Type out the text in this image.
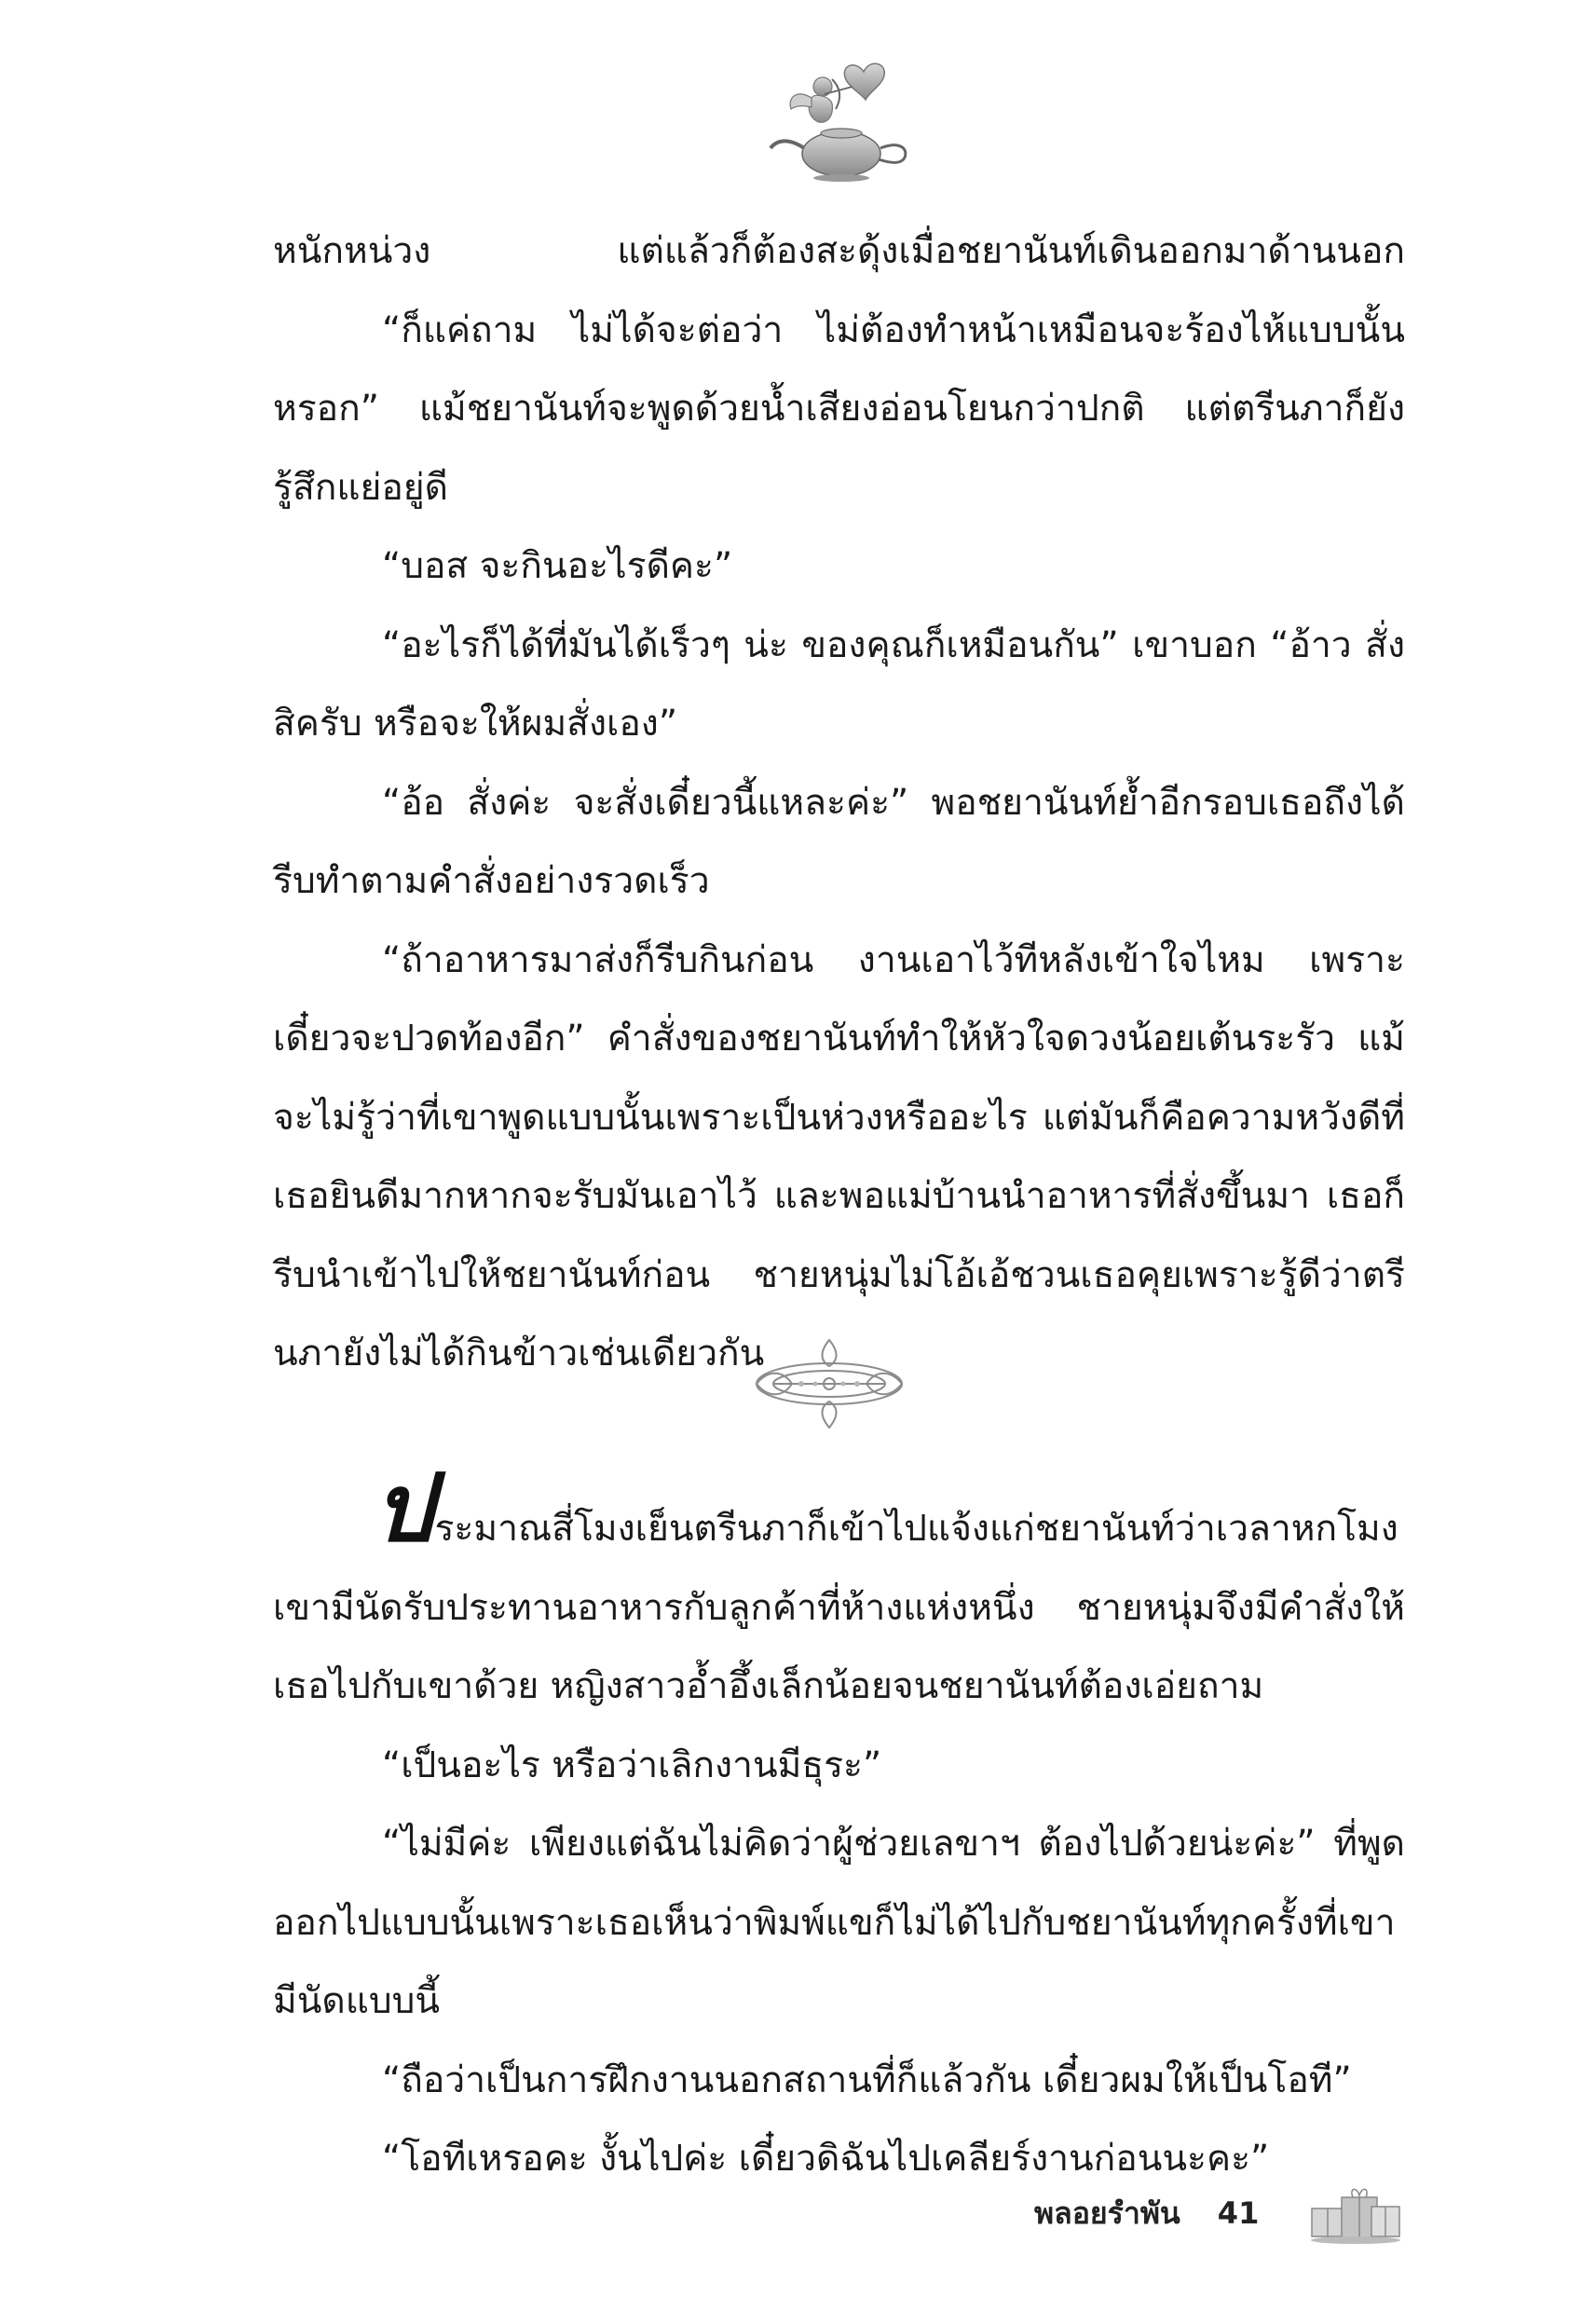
หนักหน่วง แต่แล้วก็ต้องสะดุ้งเมื่อชยานันท์เดินออกมาด้านนอก

“ก็แค่ถาม ไม่ได้จะต่อว่า ไม่ต้องทำหน้าเหมือนจะร้องไห้แบบนั้นหรอก” แม้ชยานันท์จะพูดด้วยน้ำเสียงอ่อนโยนกว่าปกติ แต่ตรีนภาก็ยังรู้สึกแย่อยู่ดี

“บอส จะกินอะไรดีคะ”

“อะไรก็ได้ที่มันได้เร็วๆ น่ะ ของคุณก็เหมือนกัน” เขาบอก “อ้าว สั่งสิครับ หรือจะให้ผมสั่งเอง”

“อ้อ สั่งค่ะ จะสั่งเดี๋ยวนี้แหละค่ะ” พอชยานันท์ย้ำอีกรอบเธอถึงได้รีบทำตามคำสั่งอย่างรวดเร็ว

“ถ้าอาหารมาส่งก็รีบกินก่อน งานเอาไว้ทีหลังเข้าใจไหม เพราะเดี๋ยวจะปวดท้องอีก” คำสั่งของชยานันท์ทำให้หัวใจดวงน้อยเต้นระรัว แม้จะไม่รู้ว่าที่เขาพูดแบบนั้นเพราะเป็นห่วงหรืออะไร แต่มันก็คือความหวังดีที่เธอยินดีมากหากจะรับมันเอาไว้ และพอแม่บ้านนำอาหารที่สั่งขึ้นมา เธอก็รีบนำเข้าไปให้ชยานันท์ก่อน ชายหนุ่มไม่โอ้เอ้ชวนเธอคุยเพราะรู้ดีว่าตรีนภายังไม่ได้กินข้าวเช่นเดียวกัน

ประมาณสี่โมงเย็นตรีนภาก็เข้าไปแจ้งแก่ชยานันท์ว่าเวลาหกโมงเขามีนัดรับประทานอาหารกับลูกค้าที่ห้างแห่งหนึ่ง ชายหนุ่มจึงมีคำสั่งให้เธอไปกับเขาด้วย หญิงสาวอ้ำอึ้งเล็กน้อยจนชยานันท์ต้องเอ่ยถาม

“เป็นอะไร หรือว่าเลิกงานมีธุระ”

“ไม่มีค่ะ เพียงแต่ฉันไม่คิดว่าผู้ช่วยเลขาฯ ต้องไปด้วยน่ะค่ะ” ที่พูดออกไปแบบนั้นเพราะเธอเห็นว่าพิมพ์แขก็ไม่ได้ไปกับชยานันท์ทุกครั้งที่เขามีนัดแบบนี้

“ถือว่าเป็นการฝึกงานนอกสถานที่ก็แล้วกัน เดี๋ยวผมให้เป็นโอที”

“โอทีเหรอคะ งั้นไปค่ะ เดี๋ยวดิฉันไปเคลียร์งานก่อนนะคะ”

พลอยรำพัน 41
